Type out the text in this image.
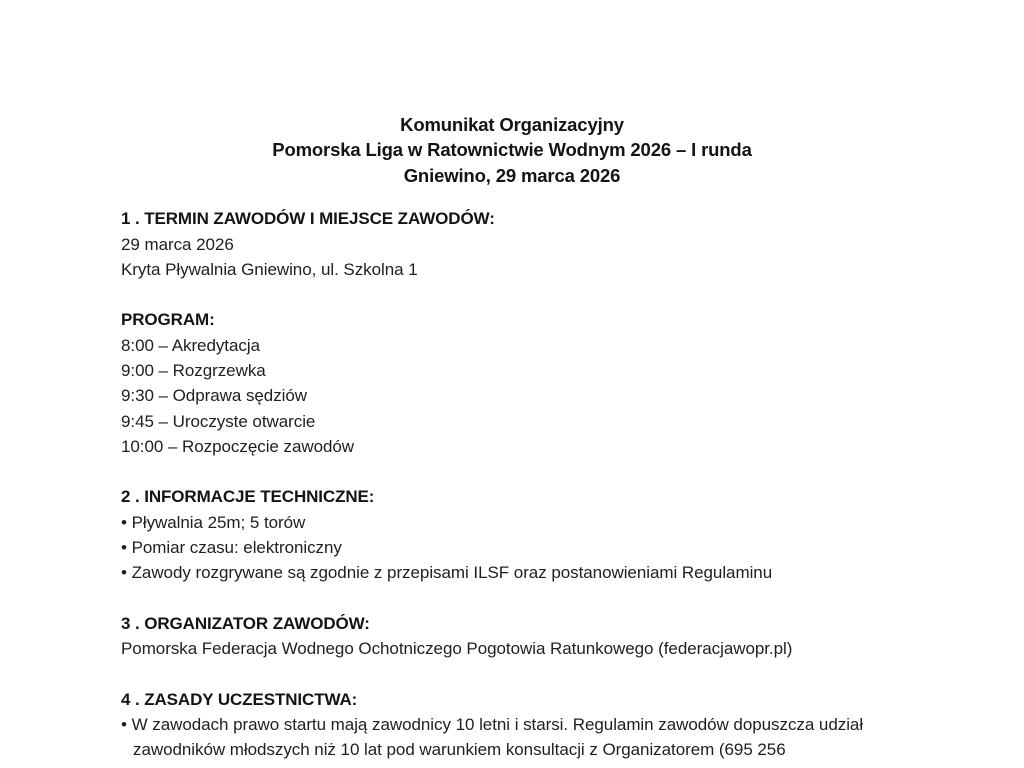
Komunikat Organizacyjny
Pomorska Liga w Ratownictwie Wodnym 2026 – I runda
Gniewino, 29 marca 2026
1 . TERMIN ZAWODÓW I MIEJSCE ZAWODÓW:
29 marca 2026
Kryta Pływalnia Gniewino, ul. Szkolna 1
PROGRAM:
8:00 – Akredytacja
9:00 – Rozgrzewka
9:30 – Odprawa sędziów
9:45 – Uroczyste otwarcie
10:00 – Rozpoczęcie zawodów
2 . INFORMACJE TECHNICZNE:
• Pływalnia 25m; 5 torów
• Pomiar czasu: elektroniczny
• Zawody rozgrywane są zgodnie z przepisami ILSF oraz postanowieniami Regulaminu
3 . ORGANIZATOR ZAWODÓW:
Pomorska Federacja Wodnego Ochotniczego Pogotowia Ratunkowego (federacjawopr.pl)
4 . ZASADY UCZESTNICTWA:
• W zawodach prawo startu mają zawodnicy 10 letni i starsi. Regulamin zawodów dopuszcza udział zawodników młodszych niż 10 lat pod warunkiem konsultacji z Organizatorem (695 256
